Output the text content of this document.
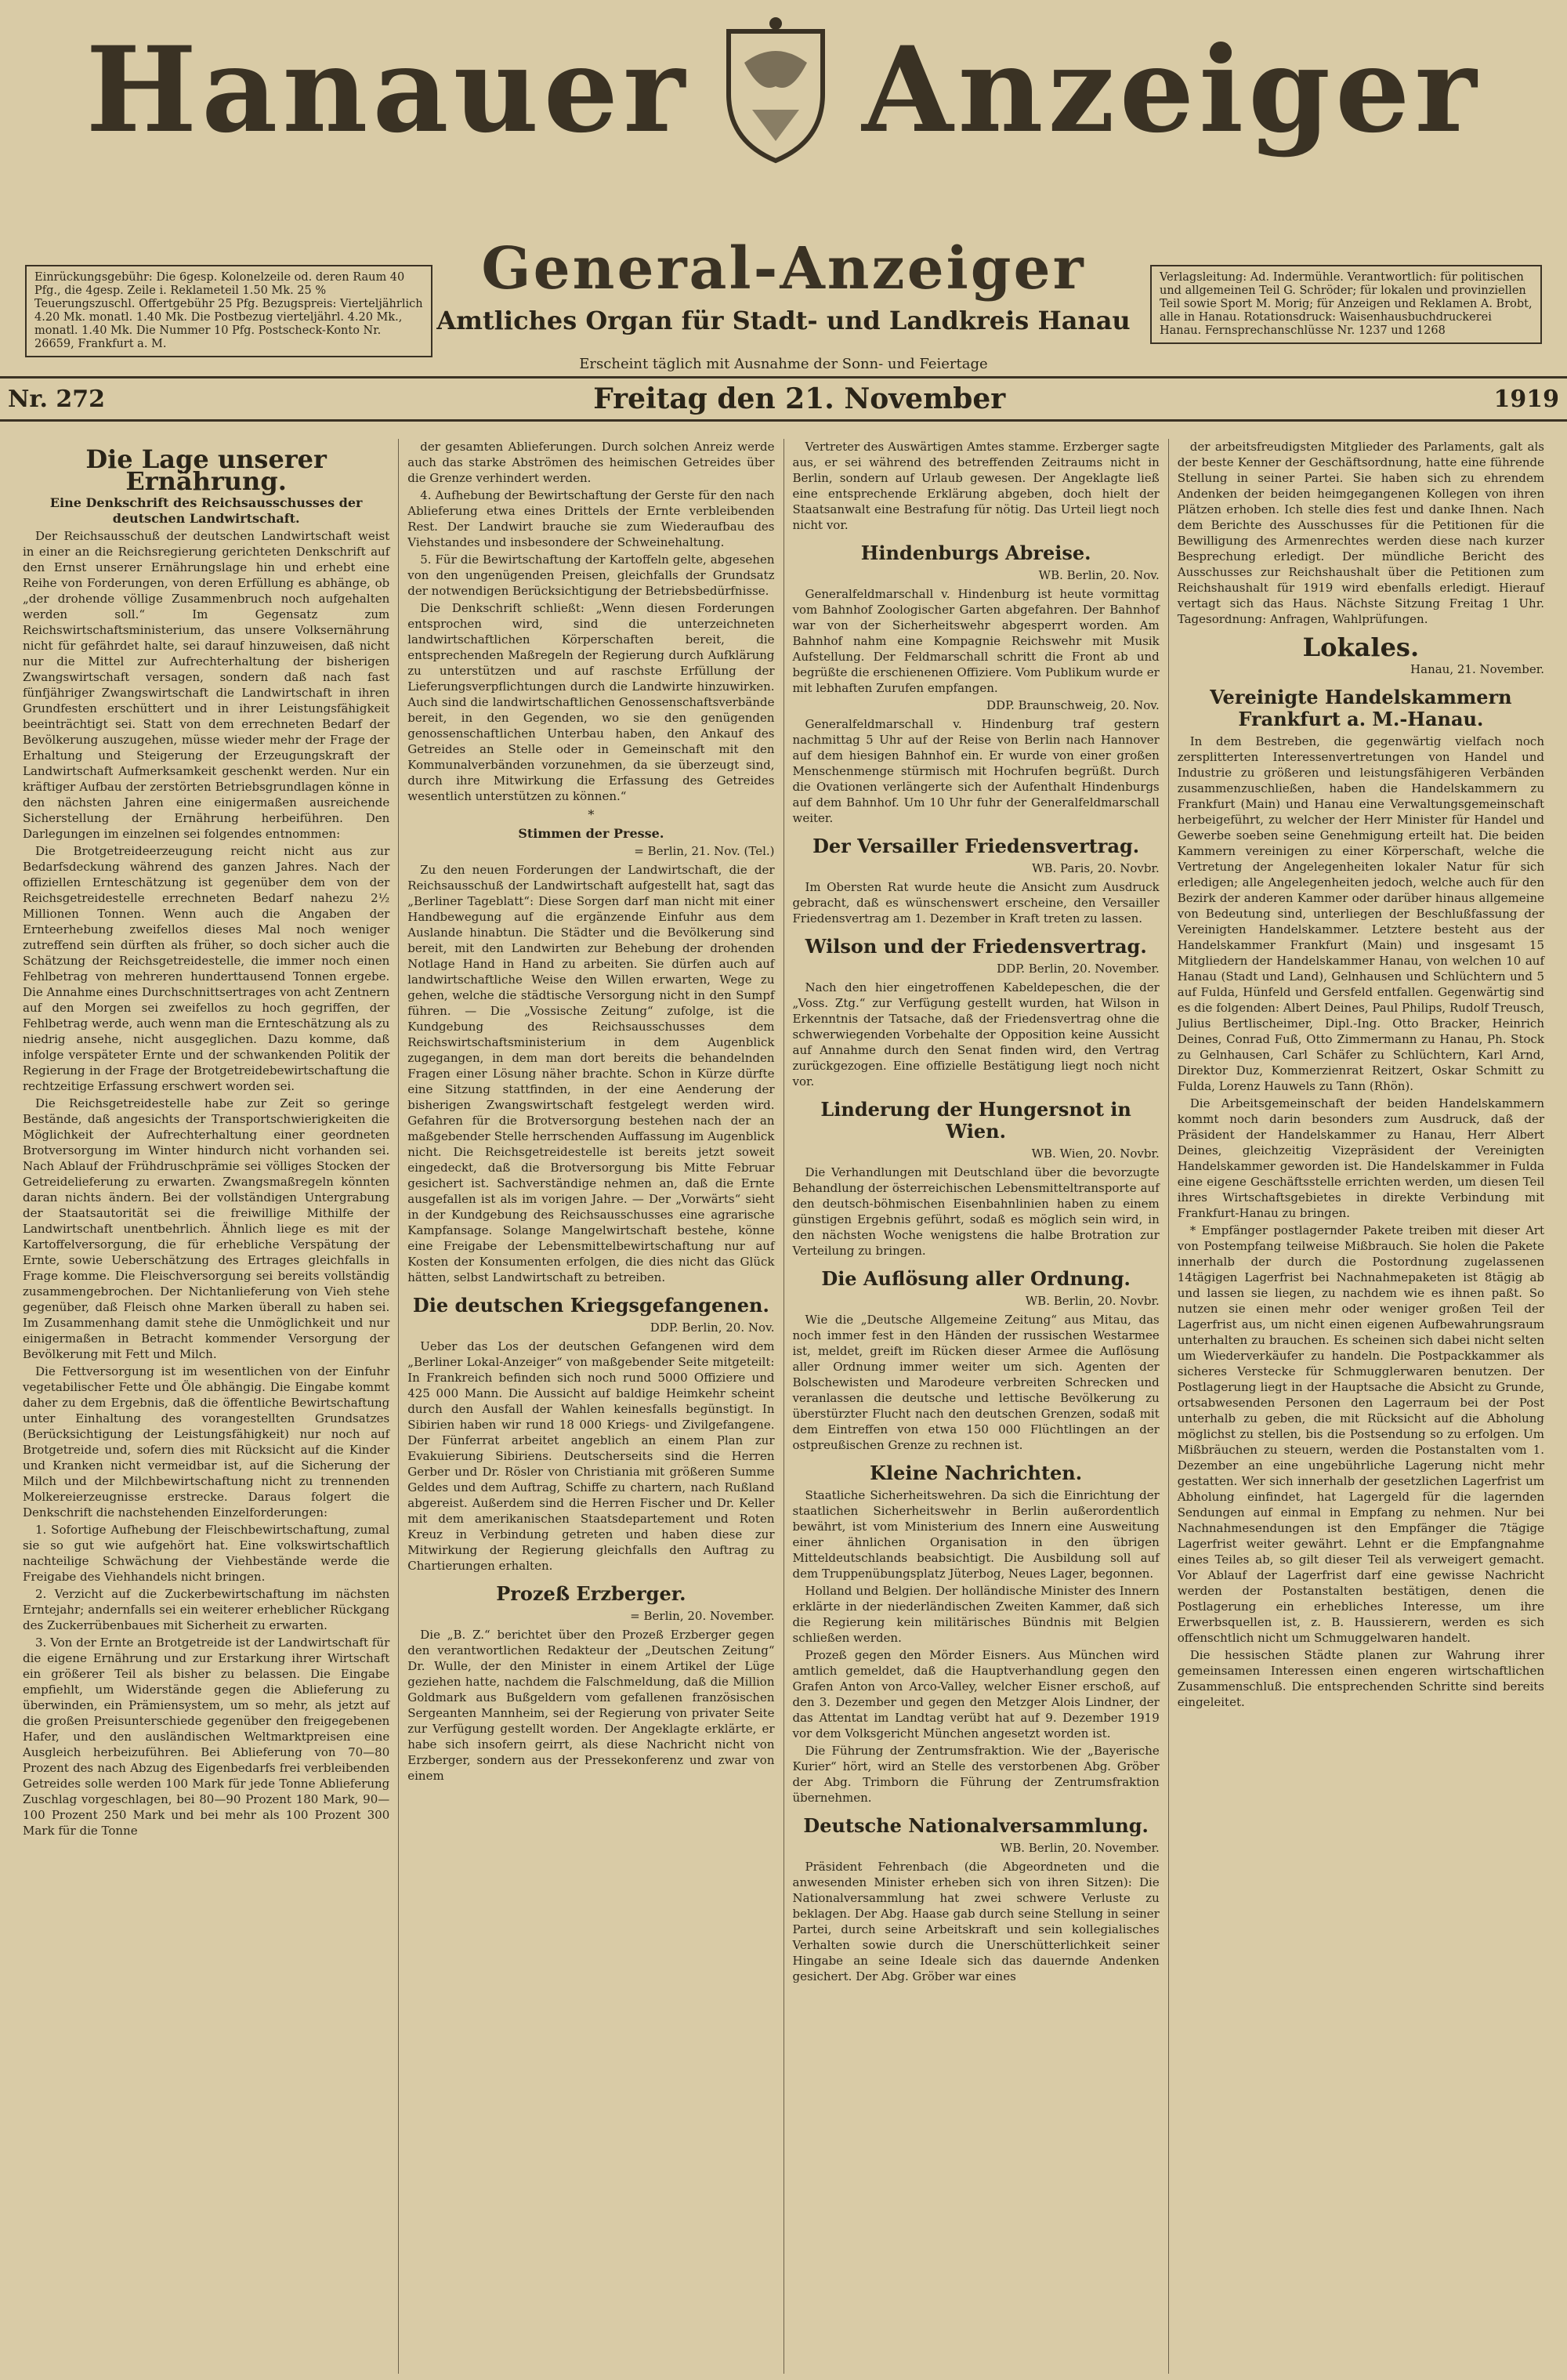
Hanauer Anzeiger
Einrückungsgebühr: Die 6gesp. Kolonelzeile od. deren Raum 40 Pfg., die 4gesp. Zeile i. Reklameteil 1.50 Mk. 25 % Teuerungszuschl. Offertgebühr 25 Pfg. Bezugspreis: Vierteljährlich 4.20 Mk. monatl. 1.40 Mk. Die Postbezug vierteljährl. 4.20 Mk., monatl. 1.40 Mk. Die Nummer 10 Pfg. Postscheck-Konto Nr. 26659, Frankfurt a. M.
General-Anzeiger	Verlagsleitung: Ad. Indermühle. Verantwortlich: für politischen und allgemeinen Teil G. Schröder; für lokalen und provinziellen Teil sowie Sport M. Morig; für Anzeigen und Reklamen A. Brobt, alle in Hanau. Rotationsdruck: Waisenhausbuchdruckerei Hanau. Fernsprechanschlüsse Nr. 1237 und 1268
Amtliches Organ für Stadt- und Landkreis Hanau
Erscheint täglich mit Ausnahme der Sonn- und Feiertage
Nr. 272	Freitag den 21. November	1919
Die Lage unserer Ernährung.
Eine Denkschrift des Reichsausschusses der deutschen Landwirtschaft.

Der Reichsausschuß der deutschen Landwirtschaft weist in einer an die Reichsregierung gerichteten Denkschrift auf den Ernst unserer Ernährungslage hin und erhebt eine Reihe von Forderungen, von deren Erfüllung es abhänge, ob „der drohende völlige Zusammenbruch noch aufgehalten werden soll.“ Im Gegensatz zum Reichswirtschaftsministerium, das unsere Volksernährung nicht für gefährdet halte, sei darauf hinzuweisen, daß nicht nur die Mittel zur Aufrechterhaltung der bisherigen Zwangswirtschaft versagen, sondern daß nach fast fünfjähriger Zwangswirtschaft die Landwirtschaft in ihren Grundfesten erschüttert und in ihrer Leistungsfähigkeit beeinträchtigt sei. Statt von dem errechneten Bedarf der Bevölkerung auszugehen, müsse wieder mehr der Frage der Erhaltung und Steigerung der Erzeugungskraft der Landwirtschaft Aufmerksamkeit geschenkt werden. Nur ein kräftiger Aufbau der zerstörten Betriebsgrundlagen könne in den nächsten Jahren eine einigermaßen ausreichende Sicherstellung der Ernährung herbeiführen. Den Darlegungen im einzelnen sei folgendes entnommen:

Die Brotgetreideerzeugung reicht nicht aus zur Bedarfsdeckung während des ganzen Jahres. Nach der offiziellen Ernteschätzung ist gegenüber dem von der Reichsgetreidestelle errechneten Bedarf nahezu 2½ Millionen Tonnen. Wenn auch die Angaben der Ernteerhebung zweifellos dieses Mal noch weniger zutreffend sein dürften als früher, so doch sicher auch die Schätzung der Reichsgetreidestelle, die immer noch einen Fehlbetrag von mehreren hunderttausend Tonnen ergebe. Die Annahme eines Durchschnittsertrages von acht Zentnern auf den Morgen sei zweifellos zu hoch gegriffen, der Fehlbetrag werde, auch wenn man die Ernteschätzung als zu niedrig ansehe, nicht ausgeglichen. Dazu komme, daß infolge verspäteter Ernte und der schwankenden Politik der Regierung in der Frage der Brotgetreidebewirtschaftung die rechtzeitige Erfassung erschwert worden sei.

Die Reichsgetreidestelle habe zur Zeit so geringe Bestände, daß angesichts der Transportschwierigkeiten die Möglichkeit der Aufrechterhaltung einer geordneten Brotversorgung im Winter hindurch nicht vorhanden sei. Nach Ablauf der Frühdruschprämie sei völliges Stocken der Getreidelieferung zu erwarten. Zwangsmaßregeln könnten daran nichts ändern. Bei der vollständigen Untergrabung der Staatsautorität sei die freiwillige Mithilfe der Landwirtschaft unentbehrlich. Ähnlich liege es mit der Kartoffelversorgung, die für erhebliche Verspätung der Ernte, sowie Ueberschätzung des Ertrages gleichfalls in Frage komme. Die Fleischversorgung sei bereits vollständig zusammengebrochen. Der Nichtanlieferung von Vieh stehe gegenüber, daß Fleisch ohne Marken überall zu haben sei. Im Zusammenhang damit stehe die Unmöglichkeit und nur einigermaßen in Betracht kommender Versorgung der Bevölkerung mit Fett und Milch.

Die Fettversorgung ist im wesentlichen von der Einfuhr vegetabilischer Fette und Öle abhängig. Die Eingabe kommt daher zu dem Ergebnis, daß die öffentliche Bewirtschaftung unter Einhaltung des vorangestellten Grundsatzes (Berücksichtigung der Leistungsfähigkeit) nur noch auf Brotgetreide und, sofern dies mit Rücksicht auf die Kinder und Kranken nicht vermeidbar ist, auf die Sicherung der Milch und der Milchbewirtschaftung nicht zu trennenden Molkereierzeugnisse erstrecke. Daraus folgert die Denkschrift die nachstehenden Einzelforderungen:

1. Sofortige Aufhebung der Fleischbewirtschaftung, zumal sie so gut wie aufgehört hat. Eine volkswirtschaftlich nachteilige Schwächung der Viehbestände werde die Freigabe des Viehhandels nicht bringen.

2. Verzicht auf die Zuckerbewirtschaftung im nächsten Erntejahr; andernfalls sei ein weiterer erheblicher Rückgang des Zuckerrübenbaues mit Sicherheit zu erwarten.

3. Von der Ernte an Brotgetreide ist der Landwirtschaft für die eigene Ernährung und zur Erstarkung ihrer Wirtschaft ein größerer Teil als bisher zu belassen. Die Eingabe empfiehlt, um Widerstände gegen die Ablieferung zu überwinden, ein Prämiensystem, um so mehr, als jetzt auf die großen Preisunterschiede gegenüber den freigegebenen Hafer, und den ausländischen Weltmarktpreisen eine Ausgleich herbeizuführen. Bei Ablieferung von 70—80 Prozent des nach Abzug des Eigenbedarfs frei verbleibenden Getreides solle werden 100 Mark für jede Tonne Ablieferung Zuschlag vorgeschlagen, bei 80—90 Prozent 180 Mark, 90—100 Prozent 250 Mark und bei mehr als 100 Prozent 300 Mark für die Tonne

der gesamten Ablieferungen. Durch solchen Anreiz werde auch das starke Abströmen des heimischen Getreides über die Grenze verhindert werden.

4. Aufhebung der Bewirtschaftung der Gerste für den nach Ablieferung etwa eines Drittels der Ernte verbleibenden Rest. Der Landwirt brauche sie zum Wiederaufbau des Viehstandes und insbesondere der Schweinehaltung.

5. Für die Bewirtschaftung der Kartoffeln gelte, abgesehen von den ungenügenden Preisen, gleichfalls der Grundsatz der notwendigen Berücksichtigung der Betriebsbedürfnisse.

Die Denkschrift schließt: „Wenn diesen Forderungen entsprochen wird, sind die unterzeichneten landwirtschaftlichen Körperschaften bereit, die entsprechenden Maßregeln der Regierung durch Aufklärung zu unterstützen und auf raschste Erfüllung der Lieferungsverpflichtungen durch die Landwirte hinzuwirken. Auch sind die landwirtschaftlichen Genossenschaftsverbände bereit, in den Gegenden, wo sie den genügenden genossenschaftlichen Unterbau haben, den Ankauf des Getreides an Stelle oder in Gemeinschaft mit den Kommunalverbänden vorzunehmen, da sie überzeugt sind, durch ihre Mitwirkung die Erfassung des Getreides wesentlich unterstützen zu können.“

*
Stimmen der Presse.
= Berlin, 21. Nov. (Tel.)

Zu den neuen Forderungen der Landwirtschaft, die der Reichsausschuß der Landwirtschaft aufgestellt hat, sagt das „Berliner Tageblatt“: Diese Sorgen darf man nicht mit einer Handbewegung auf die ergänzende Einfuhr aus dem Auslande hinabtun. Die Städter und die Bevölkerung sind bereit, mit den Landwirten zur Behebung der drohenden Notlage Hand in Hand zu arbeiten. Sie dürfen auch auf landwirtschaftliche Weise den Willen erwarten, Wege zu gehen, welche die städtische Versorgung nicht in den Sumpf führen. — Die „Vossische Zeitung“ zufolge, ist die Kundgebung des Reichsausschusses dem Reichswirtschaftsministerium in dem Augenblick zugegangen, in dem man dort bereits die behandelnden Fragen einer Lösung näher brachte. Schon in Kürze dürfte eine Sitzung stattfinden, in der eine Aenderung der bisherigen Zwangswirtschaft festgelegt werden wird. Gefahren für die Brotversorgung bestehen nach der an maßgebender Stelle herrschenden Auffassung im Augenblick nicht. Die Reichsgetreidestelle ist bereits jetzt soweit eingedeckt, daß die Brotversorgung bis Mitte Februar gesichert ist. Sachverständige nehmen an, daß die Ernte ausgefallen ist als im vorigen Jahre. — Der „Vorwärts“ sieht in der Kundgebung des Reichsausschusses eine agrarische Kampfansage. Solange Mangelwirtschaft bestehe, könne eine Freigabe der Lebensmittelbewirtschaftung nur auf Kosten der Konsumenten erfolgen, die dies nicht das Glück hätten, selbst Landwirtschaft zu betreiben.

Die deutschen Kriegsgefangenen.
DDP. Berlin, 20. Nov.

Ueber das Los der deutschen Gefangenen wird dem „Berliner Lokal-Anzeiger“ von maßgebender Seite mitgeteilt: In Frankreich befinden sich noch rund 5000 Offiziere und 425 000 Mann. Die Aussicht auf baldige Heimkehr scheint durch den Ausfall der Wahlen keinesfalls begünstigt. In Sibirien haben wir rund 18 000 Kriegs- und Zivilgefangene. Der Fünferrat arbeitet angeblich an einem Plan zur Evakuierung Sibiriens. Deutscherseits sind die Herren Gerber und Dr. Rösler von Christiania mit größeren Summe Geldes und dem Auftrag, Schiffe zu chartern, nach Rußland abgereist. Außerdem sind die Herren Fischer und Dr. Keller mit dem amerikanischen Staatsdepartement und Roten Kreuz in Verbindung getreten und haben diese zur Mitwirkung der Regierung gleichfalls den Auftrag zu Chartierungen erhalten.

Prozeß Erzberger.
= Berlin, 20. November.

Die „B. Z.“ berichtet über den Prozeß Erzberger gegen den verantwortlichen Redakteur der „Deutschen Zeitung“ Dr. Wulle, der den Minister in einem Artikel der Lüge geziehen hatte, nachdem die Falschmeldung, daß die Million Goldmark aus Bußgeldern vom gefallenen französischen Sergeanten Mannheim, sei der Regierung von privater Seite zur Verfügung gestellt worden. Der Angeklagte erklärte, er habe sich insofern geirrt, als diese Nachricht nicht von Erzberger, sondern aus der Pressekonferenz und zwar von einem

Vertreter des Auswärtigen Amtes stamme. Erzberger sagte aus, er sei während des betreffenden Zeitraums nicht in Berlin, sondern auf Urlaub gewesen. Der Angeklagte ließ eine entsprechende Erklärung abgeben, doch hielt der Staatsanwalt eine Bestrafung für nötig. Das Urteil liegt noch nicht vor.

Hindenburgs Abreise.
WB. Berlin, 20. Nov.

Generalfeldmarschall v. Hindenburg ist heute vormittag vom Bahnhof Zoologischer Garten abgefahren. Der Bahnhof war von der Sicherheitswehr abgesperrt worden. Am Bahnhof nahm eine Kompagnie Reichswehr mit Musik Aufstellung. Der Feldmarschall schritt die Front ab und begrüßte die erschienenen Offiziere. Vom Publikum wurde er mit lebhaften Zurufen empfangen.

DDP. Braunschweig, 20. Nov.

Generalfeldmarschall v. Hindenburg traf gestern nachmittag 5 Uhr auf der Reise von Berlin nach Hannover auf dem hiesigen Bahnhof ein. Er wurde von einer großen Menschenmenge stürmisch mit Hochrufen begrüßt. Durch die Ovationen verlängerte sich der Aufenthalt Hindenburgs auf dem Bahnhof. Um 10 Uhr fuhr der Generalfeldmarschall weiter.

Der Versailler Friedensvertrag.
WB. Paris, 20. Novbr.

Im Obersten Rat wurde heute die Ansicht zum Ausdruck gebracht, daß es wünschenswert erscheine, den Versailler Friedensvertrag am 1. Dezember in Kraft treten zu lassen.

Wilson und der Friedensvertrag.
DDP. Berlin, 20. November.

Nach den hier eingetroffenen Kabeldepeschen, die der „Voss. Ztg.“ zur Verfügung gestellt wurden, hat Wilson in Erkenntnis der Tatsache, daß der Friedensvertrag ohne die schwerwiegenden Vorbehalte der Opposition keine Aussicht auf Annahme durch den Senat finden wird, den Vertrag zurückgezogen. Eine offizielle Bestätigung liegt noch nicht vor.

Linderung der Hungersnot in Wien.
WB. Wien, 20. Novbr.

Die Verhandlungen mit Deutschland über die bevorzugte Behandlung der österreichischen Lebensmitteltransporte auf den deutsch-böhmischen Eisenbahnlinien haben zu einem günstigen Ergebnis geführt, sodaß es möglich sein wird, in den nächsten Woche wenigstens die halbe Brotration zur Verteilung zu bringen.

Die Auflösung aller Ordnung.
WB. Berlin, 20. Novbr.

Wie die „Deutsche Allgemeine Zeitung“ aus Mitau, das noch immer fest in den Händen der russischen Westarmee ist, meldet, greift im Rücken dieser Armee die Auflösung aller Ordnung immer weiter um sich. Agenten der Bolschewisten und Marodeure verbreiten Schrecken und veranlassen die deutsche und lettische Bevölkerung zu überstürzter Flucht nach den deutschen Grenzen, sodaß mit dem Eintreffen von etwa 150 000 Flüchtlingen an der ostpreußischen Grenze zu rechnen ist.

Kleine Nachrichten.

Staatliche Sicherheitswehren. Da sich die Einrichtung der staatlichen Sicherheitswehr in Berlin außerordentlich bewährt, ist vom Ministerium des Innern eine Ausweitung einer ähnlichen Organisation in den übrigen Mitteldeutschlands beabsichtigt. Die Ausbildung soll auf dem Truppenübungsplatz Jüterbog, Neues Lager, begonnen.

Holland und Belgien. Der holländische Minister des Innern erklärte in der niederländischen Zweiten Kammer, daß sich die Regierung kein militärisches Bündnis mit Belgien schließen werden.

Prozeß gegen den Mörder Eisners. Aus München wird amtlich gemeldet, daß die Hauptverhandlung gegen den Grafen Anton von Arco-Valley, welcher Eisner erschoß, auf den 3. Dezember und gegen den Metzger Alois Lindner, der das Attentat im Landtag verübt hat auf 9. Dezember 1919 vor dem Volksgericht München angesetzt worden ist.

Die Führung der Zentrumsfraktion. Wie der „Bayerische Kurier“ hört, wird an Stelle des verstorbenen Abg. Gröber der Abg. Trimborn die Führung der Zentrumsfraktion übernehmen.

Deutsche Nationalversammlung.
WB. Berlin, 20. November.

Präsident Fehrenbach (die Abgeordneten und die anwesenden Minister erheben sich von ihren Sitzen): Die Nationalversammlung hat zwei schwere Verluste zu beklagen. Der Abg. Haase gab durch seine Stellung in seiner Partei, durch seine Arbeitskraft und sein kollegialisches Verhalten sowie durch die Unerschütterlichkeit seiner Hingabe an seine Ideale sich das dauernde Andenken gesichert. Der Abg. Gröber war eines

der arbeitsfreudigsten Mitglieder des Parlaments, galt als der beste Kenner der Geschäftsordnung, hatte eine führende Stellung in seiner Partei. Sie haben sich zu ehrendem Andenken der beiden heimgegangenen Kollegen von ihren Plätzen erhoben. Ich stelle dies fest und danke Ihnen. Nach dem Berichte des Ausschusses für die Petitionen für die Bewilligung des Armenrechtes werden diese nach kurzer Besprechung erledigt. Der mündliche Bericht des Ausschusses zur Reichshaushalt über die Petitionen zum Reichshaushalt für 1919 wird ebenfalls erledigt. Hierauf vertagt sich das Haus. Nächste Sitzung Freitag 1 Uhr. Tagesordnung: Anfragen, Wahlprüfungen.

Lokales.
Hanau, 21. November.
Vereinigte Handelskammern Frankfurt a. M.-Hanau.

In dem Bestreben, die gegenwärtig vielfach noch zersplitterten Interessenvertretungen von Handel und Industrie zu größeren und leistungsfähigeren Verbänden zusammenzuschließen, haben die Handelskammern zu Frankfurt (Main) und Hanau eine Verwaltungsgemeinschaft herbeigeführt, zu welcher der Herr Minister für Handel und Gewerbe soeben seine Genehmigung erteilt hat. Die beiden Kammern vereinigen zu einer Körperschaft, welche die Vertretung der Angelegenheiten lokaler Natur für sich erledigen; alle Angelegenheiten jedoch, welche auch für den Bezirk der anderen Kammer oder darüber hinaus allgemeine von Bedeutung sind, unterliegen der Beschlußfassung der Vereinigten Handelskammer. Letztere besteht aus der Handelskammer Frankfurt (Main) und insgesamt 15 Mitgliedern der Handelskammer Hanau, von welchen 10 auf Hanau (Stadt und Land), Gelnhausen und Schlüchtern und 5 auf Fulda, Hünfeld und Gersfeld entfallen. Gegenwärtig sind es die folgenden: Albert Deines, Paul Philips, Rudolf Treusch, Julius Bertlischeimer, Dipl.-Ing. Otto Bracker, Heinrich Deines, Conrad Fuß, Otto Zimmermann zu Hanau, Ph. Stock zu Gelnhausen, Carl Schäfer zu Schlüchtern, Karl Arnd, Direktor Duz, Kommerzienrat Reitzert, Oskar Schmitt zu Fulda, Lorenz Hauwels zu Tann (Rhön).

Die Arbeitsgemeinschaft der beiden Handelskammern kommt noch darin besonders zum Ausdruck, daß der Präsident der Handelskammer zu Hanau, Herr Albert Deines, gleichzeitig Vizepräsident der Vereinigten Handelskammer geworden ist. Die Handelskammer in Fulda eine eigene Geschäftsstelle errichten werden, um diesen Teil ihres Wirtschaftsgebietes in direkte Verbindung mit Frankfurt-Hanau zu bringen.

* Empfänger postlagernder Pakete treiben mit dieser Art von Postempfang teilweise Mißbrauch. Sie holen die Pakete innerhalb der durch die Postordnung zugelassenen 14tägigen Lagerfrist bei Nachnahmepaketen ist 8tägig ab und lassen sie liegen, zu nachdem wie es ihnen paßt. So nutzen sie einen mehr oder weniger großen Teil der Lagerfrist aus, um nicht einen eigenen Aufbewahrungsraum unterhalten zu brauchen. Es scheinen sich dabei nicht selten um Wiederverkäufer zu handeln. Die Postpackkammer als sicheres Verstecke für Schmugglerwaren benutzen. Der Postlagerung liegt in der Hauptsache die Absicht zu Grunde, ortsabwesenden Personen den Lagerraum bei der Post unterhalb zu geben, die mit Rücksicht auf die Abholung möglichst zu stellen, bis die Postsendung so zu erfolgen. Um Mißbräuchen zu steuern, werden die Postanstalten vom 1. Dezember an eine ungebührliche Lagerung nicht mehr gestatten. Wer sich innerhalb der gesetzlichen Lagerfrist um Abholung einfindet, hat Lagergeld für die lagernden Sendungen auf einmal in Empfang zu nehmen. Nur bei Nachnahmesendungen ist den Empfänger die 7tägige Lagerfrist weiter gewährt. Lehnt er die Empfangnahme eines Teiles ab, so gilt dieser Teil als verweigert gemacht. Vor Ablauf der Lagerfrist darf eine gewisse Nachricht werden der Postanstalten bestätigen, denen die Postlagerung ein erhebliches Interesse, um ihre Erwerbsquellen ist, z. B. Haussierern, werden es sich offenschtlich nicht um Schmuggelwaren handelt.

Die hessischen Städte planen zur Wahrung ihrer gemeinsamen Interessen einen engeren wirtschaftlichen Zusammenschluß. Die entsprechenden Schritte sind bereits eingeleitet.
